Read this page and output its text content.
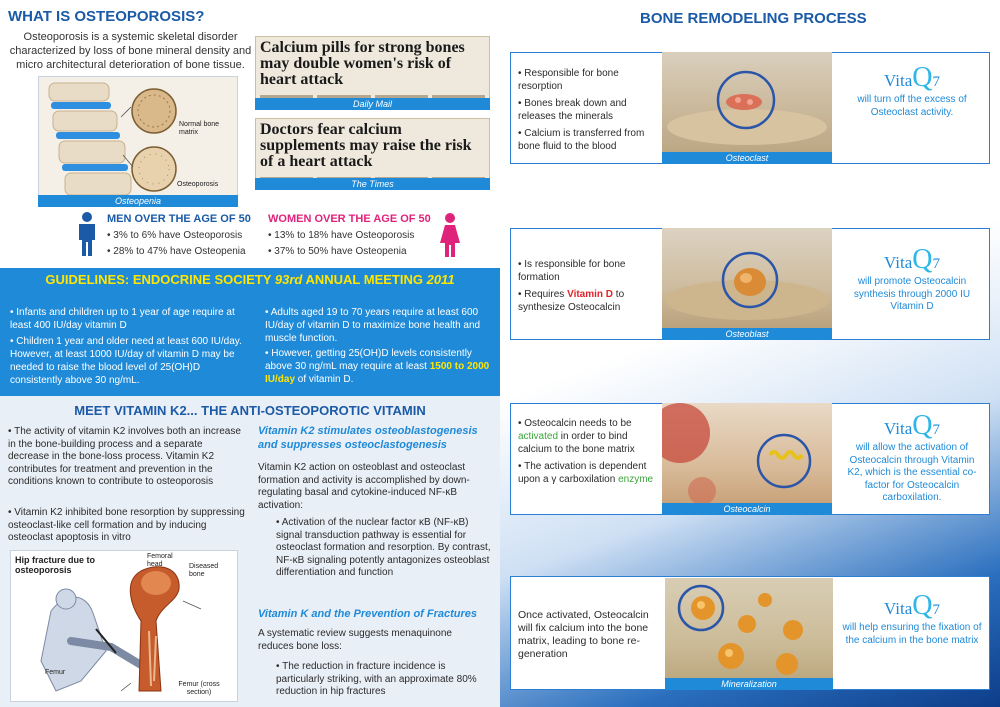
WHAT IS OSTEOPOROSIS?
Osteoporosis is a systemic skeletal disorder characterized by loss of bone mineral density and micro architectural deterioration of bone tissue.
Normal bone matrix
Osteoporosis
Osteopenia
Calcium pills for strong bones may double women's risk of heart attack
Daily Mail
Doctors fear calcium supplements may raise the risk of a heart attack
The Times
MEN OVER THE AGE OF 50
• 3% to 6% have Osteoporosis
• 28% to 47% have Osteopenia
WOMEN OVER THE AGE OF 50
• 13% to 18% have Osteoporosis
• 37% to 50% have Osteopenia
GUIDELINES: ENDOCRINE SOCIETY 93rd ANNUAL MEETING 2011
• Infants and children up to 1 year of age require at least 400 IU/day vitamin D
• Children 1 year and older need at least 600 IU/day. However, at least 1000 IU/day of vitamin D may be needed to raise the blood level of 25(OH)D consistently above 30 ng/mL.
• Adults aged 19 to 70 years require at least 600 IU/day of vitamin D to maximize bone health and muscle function.
• However, getting 25(OH)D levels consistently above 30 ng/mL may require at least 1500 to 2000 IU/day of vitamin D.
MEET VITAMIN K2... THE ANTI-OSTEOPOROTIC VITAMIN
• The activity of vitamin K2 involves both an increase in the bone-building process and a separate decrease in the bone-loss process. Vitamin K2 contributes for treatment and prevention in the conditions known to contribute to osteoporosis
• Vitamin K2 inhibited bone resorption by suppressing osteoclast-like cell formation and by inducing osteoclast apoptosis in vitro
Hip fracture due to osteoporosis
Femoral head	Diseased bone
Femur
Femur (cross section)
Vitamin K2 stimulates osteoblastogenesis and suppresses osteoclastogenesis
Vitamin K2 action on osteoblast and osteoclast formation and activity is accomplished by down-regulating basal and cytokine-induced NF-κB activation:
• Activation of the nuclear factor κB (NF-κB) signal transduction pathway is essential for osteoclast formation and resorption. By contrast, NF-κB signaling potently antagonizes osteoblast differentiation and function
Vitamin K and the Prevention of Fractures
A systematic review suggests menaquinone reduces bone loss:
• The reduction in fracture incidence is particularly striking, with an approximate 80% reduction in hip fractures
BONE REMODELING PROCESS

• Responsible for bone resorption

• Bones break down and releases the minerals

• Calcium is transferred from bone fluid to the blood

Osteoclast
VitaQ7
will turn off the excess of Osteoclast activity.

• Is responsible for bone formation

• Requires Vitamin D to synthesize Osteocalcin

Osteoblast
VitaQ7
will promote Osteocalcin synthesis through 2000 IU Vitamin D

• Osteocalcin needs to be activated in order to bind calcium to the bone matrix

• The activation is dependent upon a γ carboxilation enzyme

Osteocalcin
VitaQ7
will allow the activation of Osteocalcin through Vitamin K2, which is the essential co-factor for Osteocalcin carboxilation.
Once activated, Osteocalcin will fix calcium into the bone matrix, leading to bone re-generation
Mineralization
VitaQ7
will help ensuring the fixation of the calcium in the bone matrix
